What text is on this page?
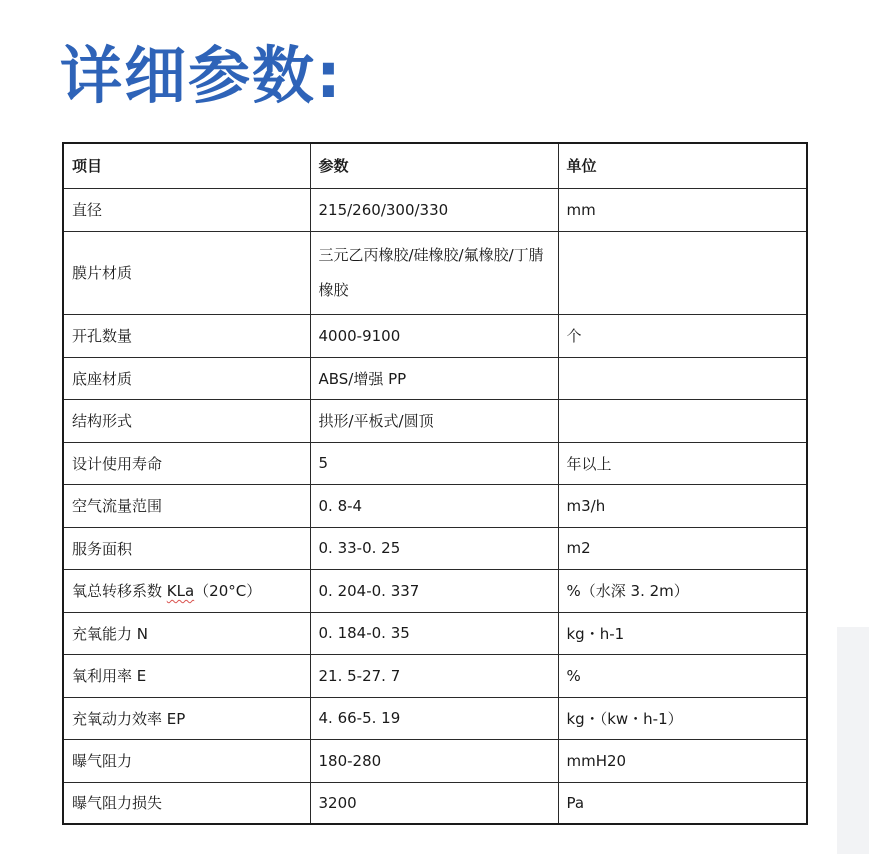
详细参数:
项目	参数	单位
直径	215/260/300/330	mm
膜片材质	三元乙丙橡胶/硅橡胶/氟橡胶/丁腈橡胶	
开孔数量	4000-9100	个
底座材质	ABS/增强 PP	
结构形式	拱形/平板式/圆顶	
设计使用寿命	5	年以上
空气流量范围	0. 8-4	m3/h
服务面积	0. 33-0. 25	m2
氧总转移系数 KLa（20°C）	0. 204-0. 337	%（水深 3. 2m）
充氧能力 N	0. 184-0. 35	kg・h-1
氧利用率 E	21. 5-27. 7	%
充氧动力效率 EP	4. 66-5. 19	kg・（kw・h-1）
曝气阻力	180-280	mmH20
曝气阻力损失	3200	Pa
